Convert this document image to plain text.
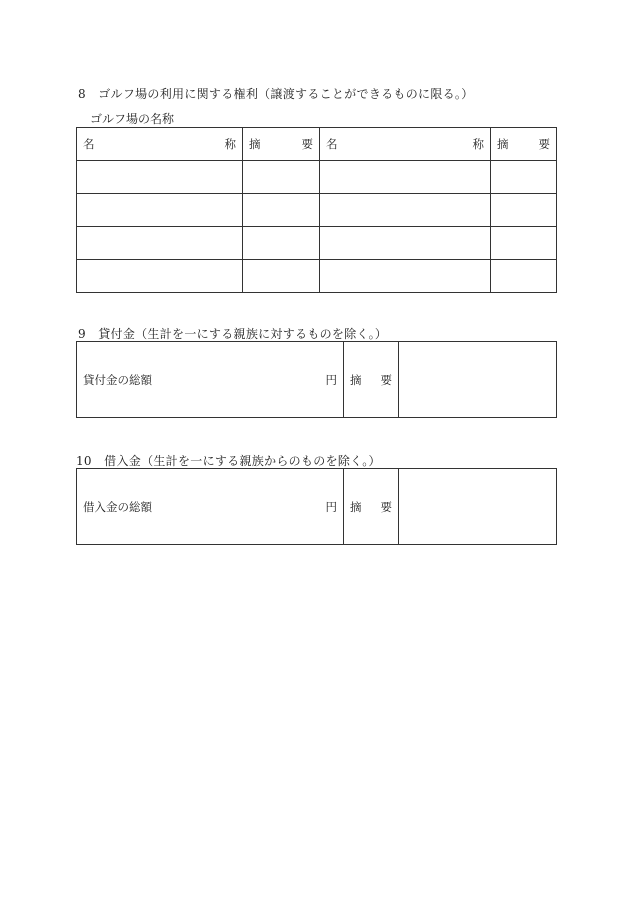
8　ゴルフ場の利用に関する権利（譲渡することができるものに限る。）
ゴルフ場の名称
名 称	摘 要	名 称	摘 要

9　貸付金（生計を一にする親族に対するものを除く。）
貸付金の総額	円	摘 要

10　借入金（生計を一にする親族からのものを除く。）
借入金の総額	円	摘 要
